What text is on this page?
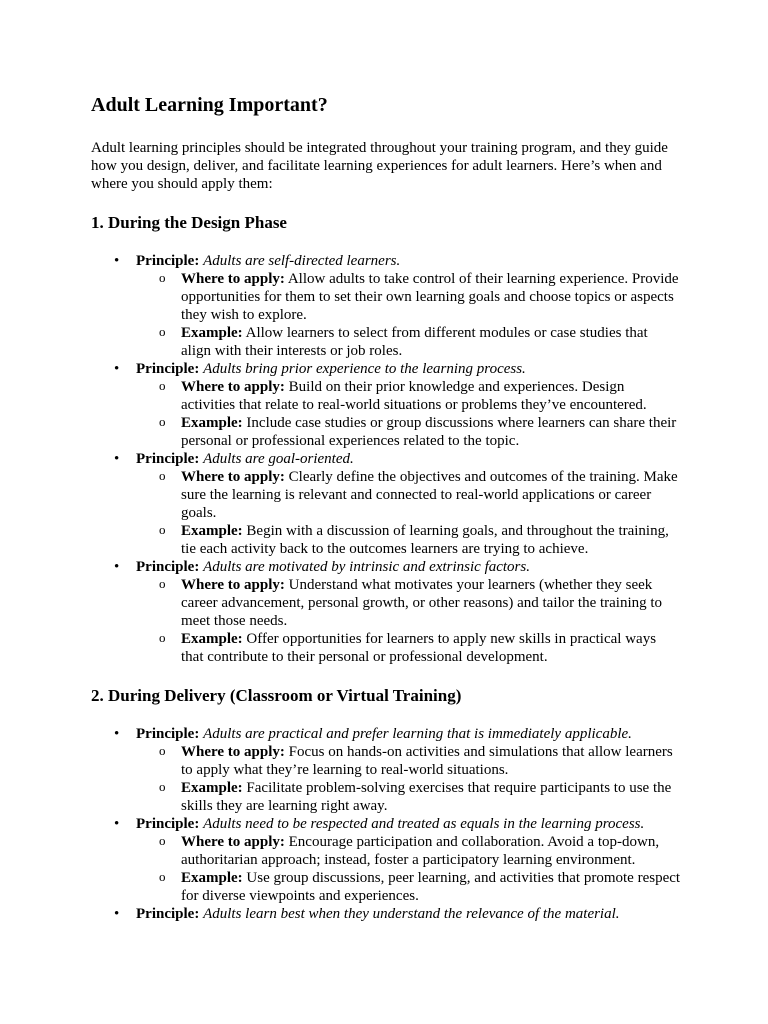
Adult Learning Important?

Adult learning principles should be integrated throughout your training program, and they guide how you design, deliver, and facilitate learning experiences for adult learners. Here’s when and where you should apply them:

1. During the Design Phase
• Principle: Adults are self-directed learners.
o Where to apply: Allow adults to take control of their learning experience. Provide opportunities for them to set their own learning goals and choose topics or aspects they wish to explore.
o Example: Allow learners to select from different modules or case studies that align with their interests or job roles.
• Principle: Adults bring prior experience to the learning process.
o Where to apply: Build on their prior knowledge and experiences. Design activities that relate to real-world situations or problems they’ve encountered.
o Example: Include case studies or group discussions where learners can share their personal or professional experiences related to the topic.
• Principle: Adults are goal-oriented.
o Where to apply: Clearly define the objectives and outcomes of the training. Make sure the learning is relevant and connected to real-world applications or career goals.
o Example: Begin with a discussion of learning goals, and throughout the training, tie each activity back to the outcomes learners are trying to achieve.
• Principle: Adults are motivated by intrinsic and extrinsic factors.
o Where to apply: Understand what motivates your learners (whether they seek career advancement, personal growth, or other reasons) and tailor the training to meet those needs.
o Example: Offer opportunities for learners to apply new skills in practical ways that contribute to their personal or professional development.
2. During Delivery (Classroom or Virtual Training)
• Principle: Adults are practical and prefer learning that is immediately applicable.
o Where to apply: Focus on hands-on activities and simulations that allow learners to apply what they’re learning to real-world situations.
o Example: Facilitate problem-solving exercises that require participants to use the skills they are learning right away.
• Principle: Adults need to be respected and treated as equals in the learning process.
o Where to apply: Encourage participation and collaboration. Avoid a top-down, authoritarian approach; instead, foster a participatory learning environment.
o Example: Use group discussions, peer learning, and activities that promote respect for diverse viewpoints and experiences.
• Principle: Adults learn best when they understand the relevance of the material.
